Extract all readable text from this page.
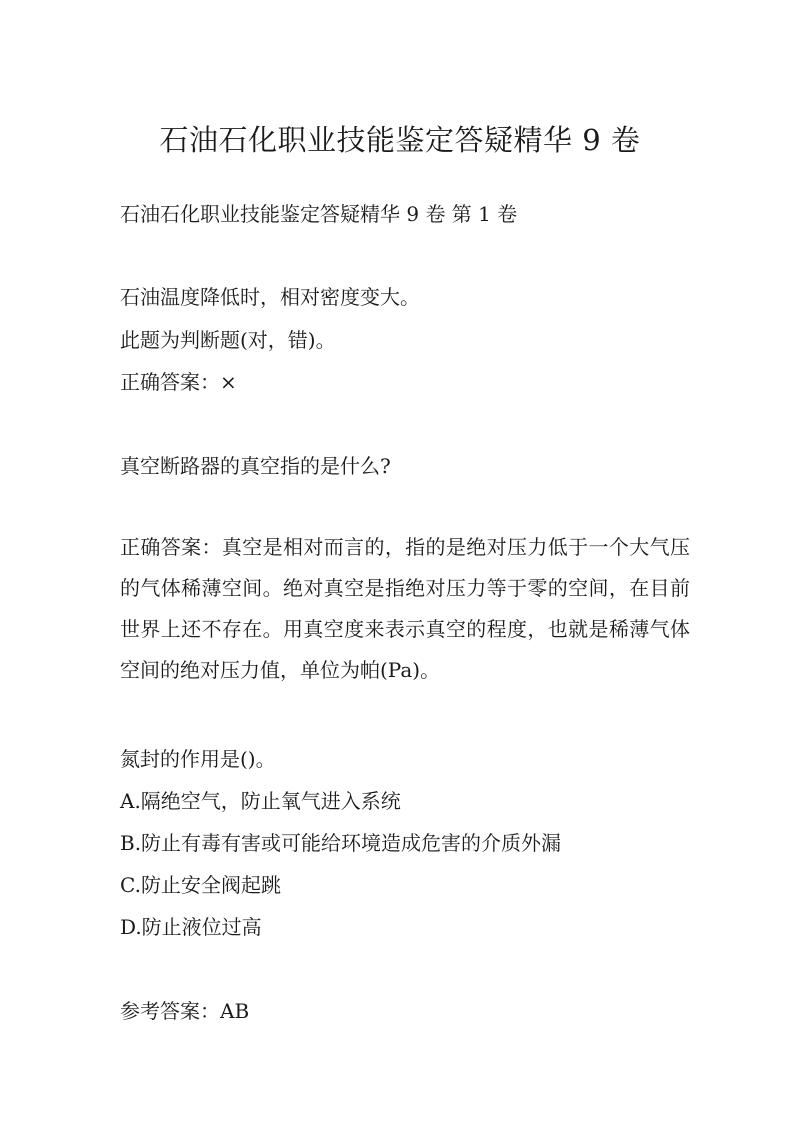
石油石化职业技能鉴定答疑精华 9 卷
石油石化职业技能鉴定答疑精华 9 卷 第 1 卷
石油温度降低时，相对密度变大。
此题为判断题(对，错)。
正确答案：×
真空断路器的真空指的是什么?
正确答案：真空是相对而言的，指的是绝对压力低于一个大气压的气体稀薄空间。绝对真空是指绝对压力等于零的空间，在目前世界上还不存在。用真空度来表示真空的程度，也就是稀薄气体空间的绝对压力值，单位为帕(Pa)。
氮封的作用是()。
A.隔绝空气，防止氧气进入系统
B.防止有毒有害或可能给环境造成危害的介质外漏
C.防止安全阀起跳
D.防止液位过高
参考答案：AB
